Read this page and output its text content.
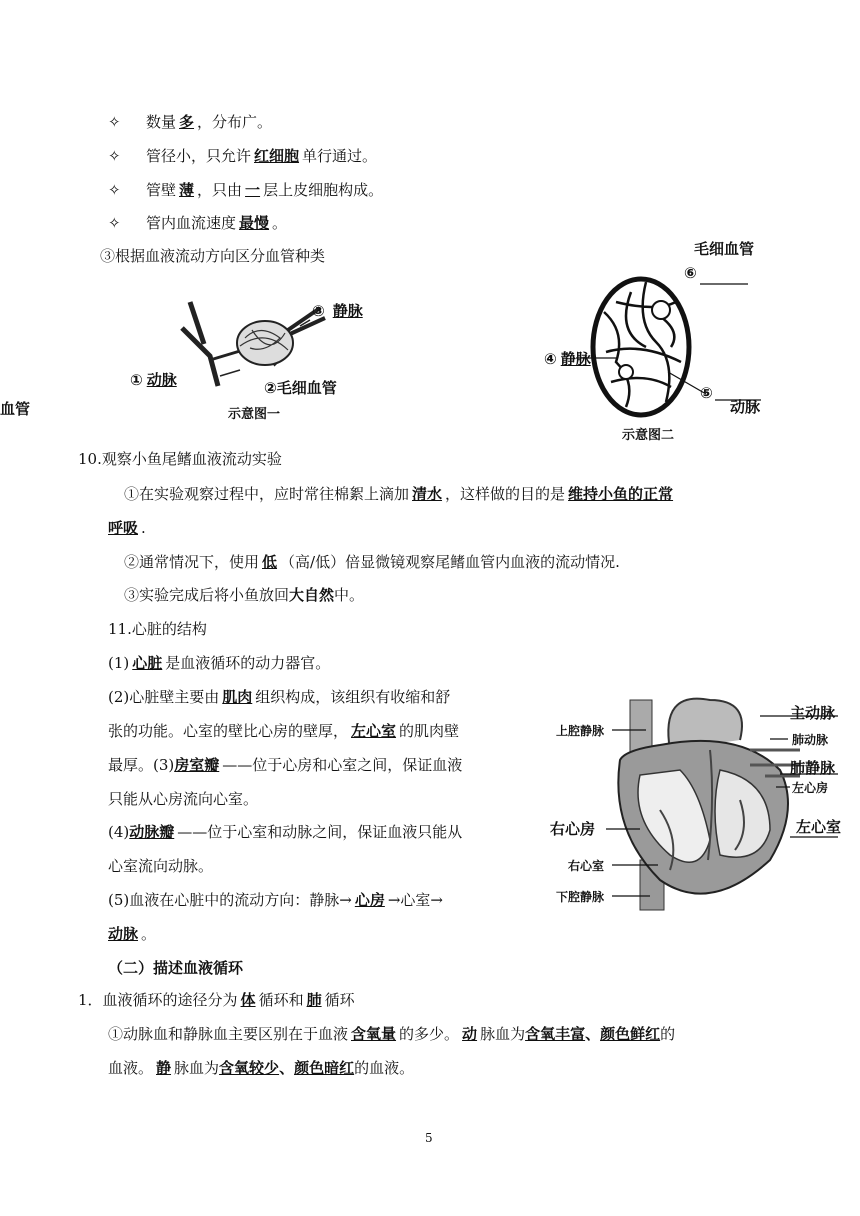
✧ 数量 多 ，分布广。
✧ 管径小，只允许 红细胞 单行通过。
✧ 管壁 薄 ，只由 一 层上皮细胞构成。
✧ 管内血流速度 最慢 。
③根据血液流动方向区分血管种类
血管
① 动脉	②毛细血管
③ 静脉
示意图一
毛细血管
⑥
④ 静脉
⑤
动脉
示意图二
10.观察小鱼尾鳍血液流动实验
①在实验观察过程中，应时常往棉絮上滴加 清水 ，这样做的目的是 维持小鱼的正常
呼吸 .
②通常情况下，使用 低 （高/低）倍显微镜观察尾鳍血管内血液的流动情况.
③实验完成后将小鱼放回大自然中。
11.心脏的结构
(1) 心脏 是血液循环的动力器官。
(2)心脏壁主要由 肌肉 组织构成，该组织有收缩和舒
张的功能。心室的壁比心房的壁厚， 左心室 的肌肉壁
最厚。(3)房室瓣 ——位于心房和心室之间，保证血液
只能从心房流向心室。
(4)动脉瓣 ——位于心室和动脉之间，保证血液只能从
心室流向动脉。
(5)血液在心脏中的流动方向：静脉→ 心房 →心室→
动脉 。
上腔静脉
右心房
右心室
下腔静脉
主动脉
肺动脉
肺静脉
左心房
左心室
（二）描述血液循环
1．血液循环的途径分为 体 循环和 肺 循环
①动脉血和静脉血主要区别在于血液 含氧量 的多少。 动 脉血为含氧丰富、颜色鲜红的
血液。 静 脉血为含氧较少、颜色暗红的血液。
5
